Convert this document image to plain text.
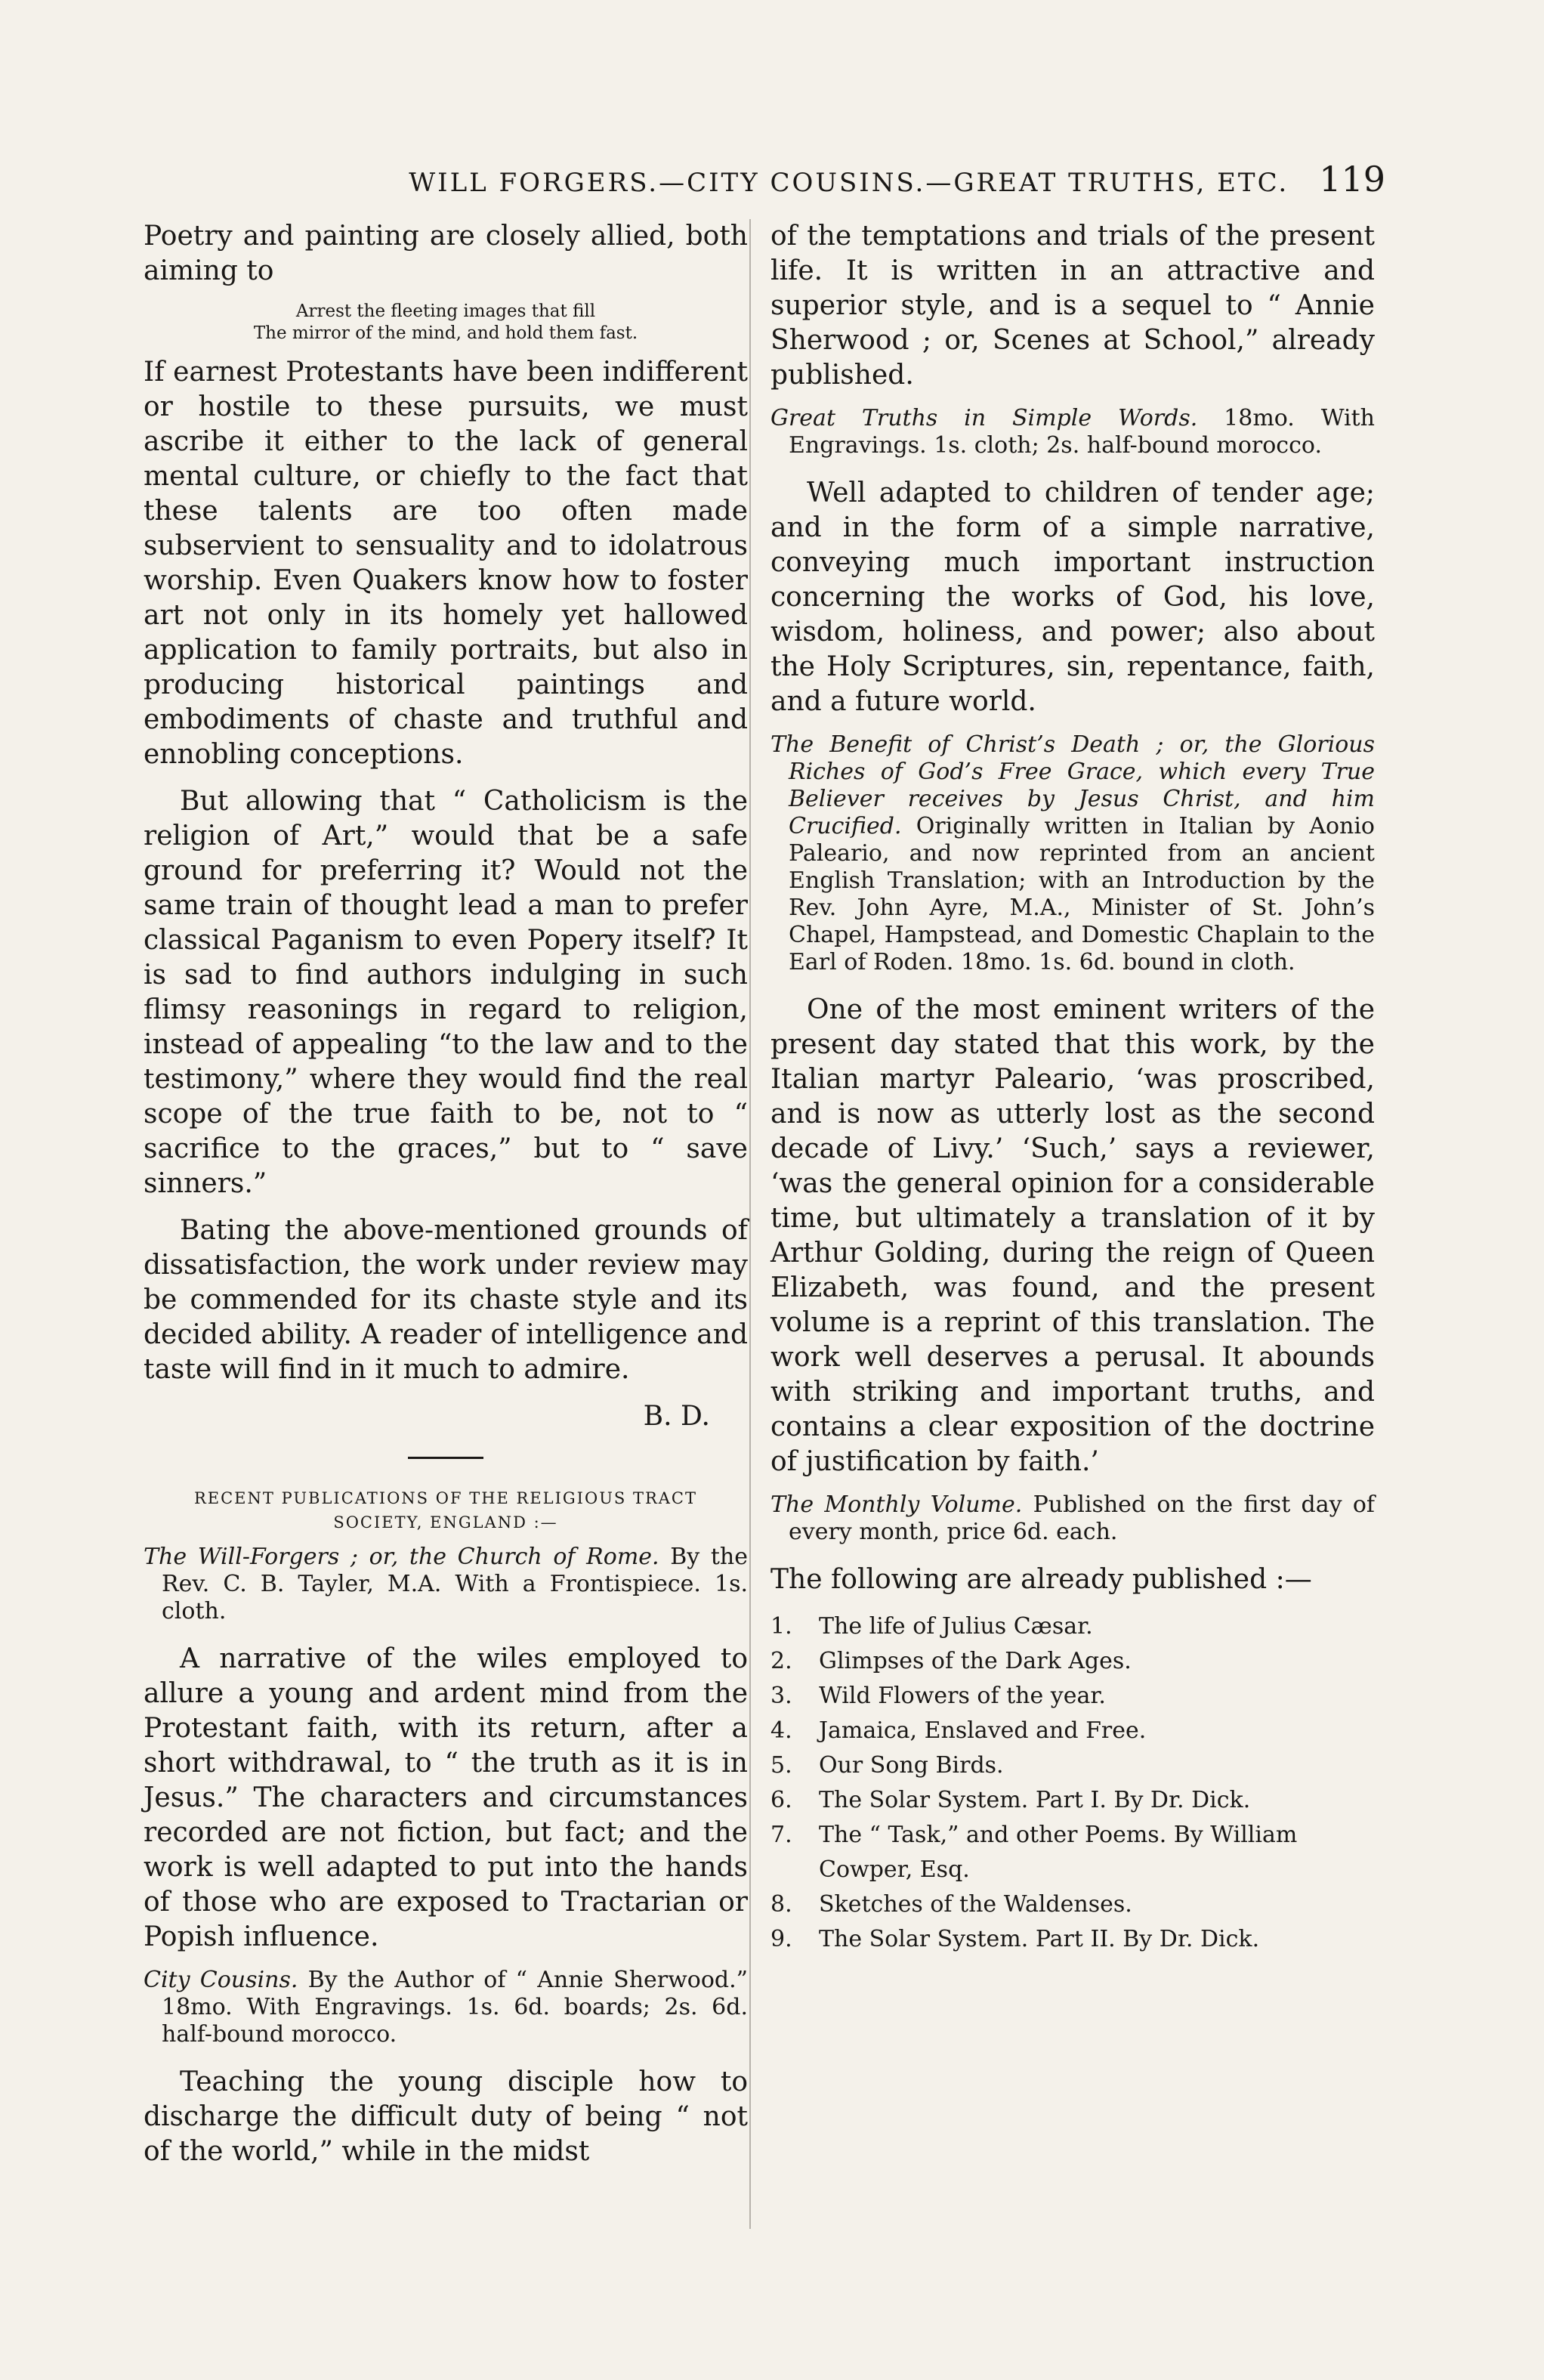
WILL FORGERS.—CITY COUSINS.—GREAT TRUTHS, ETC. 119

Poetry and painting are closely allied, both aiming to

Arrest the fleeting images that fill
The mirror of the mind, and hold them fast.

If earnest Protestants have been indifferent or hostile to these pursuits, we must ascribe it either to the lack of general mental culture, or chiefly to the fact that these talents are too often made subservient to sensuality and to idolatrous worship. Even Quakers know how to foster art not only in its homely yet hallowed application to family portraits, but also in producing historical paintings and embodiments of chaste and truthful and ennobling conceptions.

But allowing that “ Catholicism is the religion of Art,” would that be a safe ground for preferring it? Would not the same train of thought lead a man to prefer classical Paganism to even Popery itself? It is sad to find authors indulging in such flimsy reasonings in regard to religion, instead of appealing “to the law and to the testimony,” where they would find the real scope of the true faith to be, not to “ sacrifice to the graces,” but to “ save sinners.”

Bating the above-mentioned grounds of dissatisfaction, the work under review may be commended for its chaste style and its decided ability. A reader of intelligence and taste will find in it much to admire.

B. D.
RECENT PUBLICATIONS OF THE RELIGIOUS TRACT
SOCIETY, ENGLAND :—
The Will-Forgers ; or, the Church of Rome. By the Rev. C. B. Tayler, M.A. With a Frontispiece. 1s. cloth.

A narrative of the wiles employed to allure a young and ardent mind from the Protestant faith, with its return, after a short withdrawal, to “ the truth as it is in Jesus.” The characters and circumstances recorded are not fiction, but fact; and the work is well adapted to put into the hands of those who are exposed to Tractarian or Popish influence.

City Cousins. By the Author of “ Annie Sherwood.” 18mo. With Engravings. 1s. 6d. boards; 2s. 6d. half-bound morocco.

Teaching the young disciple how to discharge the difficult duty of being “ not of the world,” while in the midst

of the temptations and trials of the present life. It is written in an attractive and superior style, and is a sequel to “ Annie Sherwood ; or, Scenes at School,” already published.

Great Truths in Simple Words. 18mo. With Engravings. 1s. cloth; 2s. half-bound morocco.

Well adapted to children of tender age; and in the form of a simple narrative, conveying much important instruction concerning the works of God, his love, wisdom, holiness, and power; also about the Holy Scriptures, sin, repentance, faith, and a future world.

The Benefit of Christ’s Death ; or, the Glorious Riches of God’s Free Grace, which every True Believer receives by Jesus Christ, and him Crucified. Originally written in Italian by Aonio Paleario, and now reprinted from an ancient English Translation; with an Introduction by the Rev. John Ayre, M.A., Minister of St. John’s Chapel, Hampstead, and Domestic Chaplain to the Earl of Roden. 18mo. 1s. 6d. bound in cloth.

One of the most eminent writers of the present day stated that this work, by the Italian martyr Paleario, ‘was proscribed, and is now as utterly lost as the second decade of Livy.’ ‘Such,’ says a reviewer, ‘was the general opinion for a considerable time, but ultimately a translation of it by Arthur Golding, during the reign of Queen Elizabeth, was found, and the present volume is a reprint of this translation. The work well deserves a perusal. It abounds with striking and important truths, and contains a clear exposition of the doctrine of justification by faith.’

The Monthly Volume. Published on the first day of every month, price 6d. each.

The following are already published :—

1.	The life of Julius Cæsar.
2.	Glimpses of the Dark Ages.
3.	Wild Flowers of the year.
4.	Jamaica, Enslaved and Free.
5.	Our Song Birds.
6.	The Solar System. Part I. By Dr. Dick.
7.	The “ Task,” and other Poems. By William Cowper, Esq.
8.	Sketches of the Waldenses.
9.	The Solar System. Part II. By Dr. Dick.
